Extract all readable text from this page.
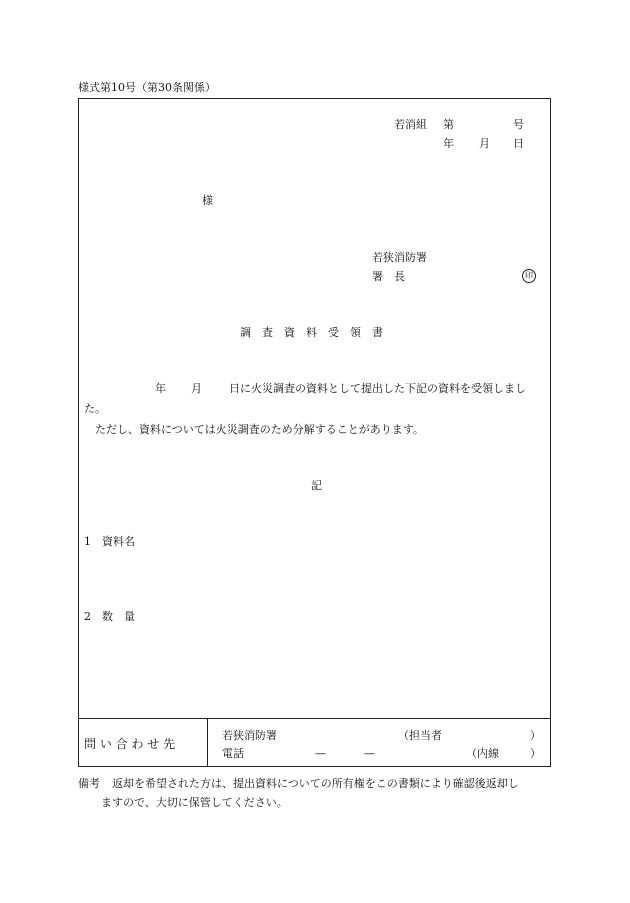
様式第10号（第30条関係）
若消組 第	号
年 月 日
様
若狭消防署
署　長	印
調　査　資　料　受　領　書
年 月 日に火災調査の資料として提出した下記の資料を受領しまし
た。
ただし、資料については火災調査のため分解することがあります。
記
1 資料名
2 数　量
問 い 合 わ せ 先
若狭消防署	（担当者	）
電話	—	—	（内線	）
備考 返却を希望された方は、提出資料についての所有権をこの書類により確認後返却し
ますので、大切に保管してください。
